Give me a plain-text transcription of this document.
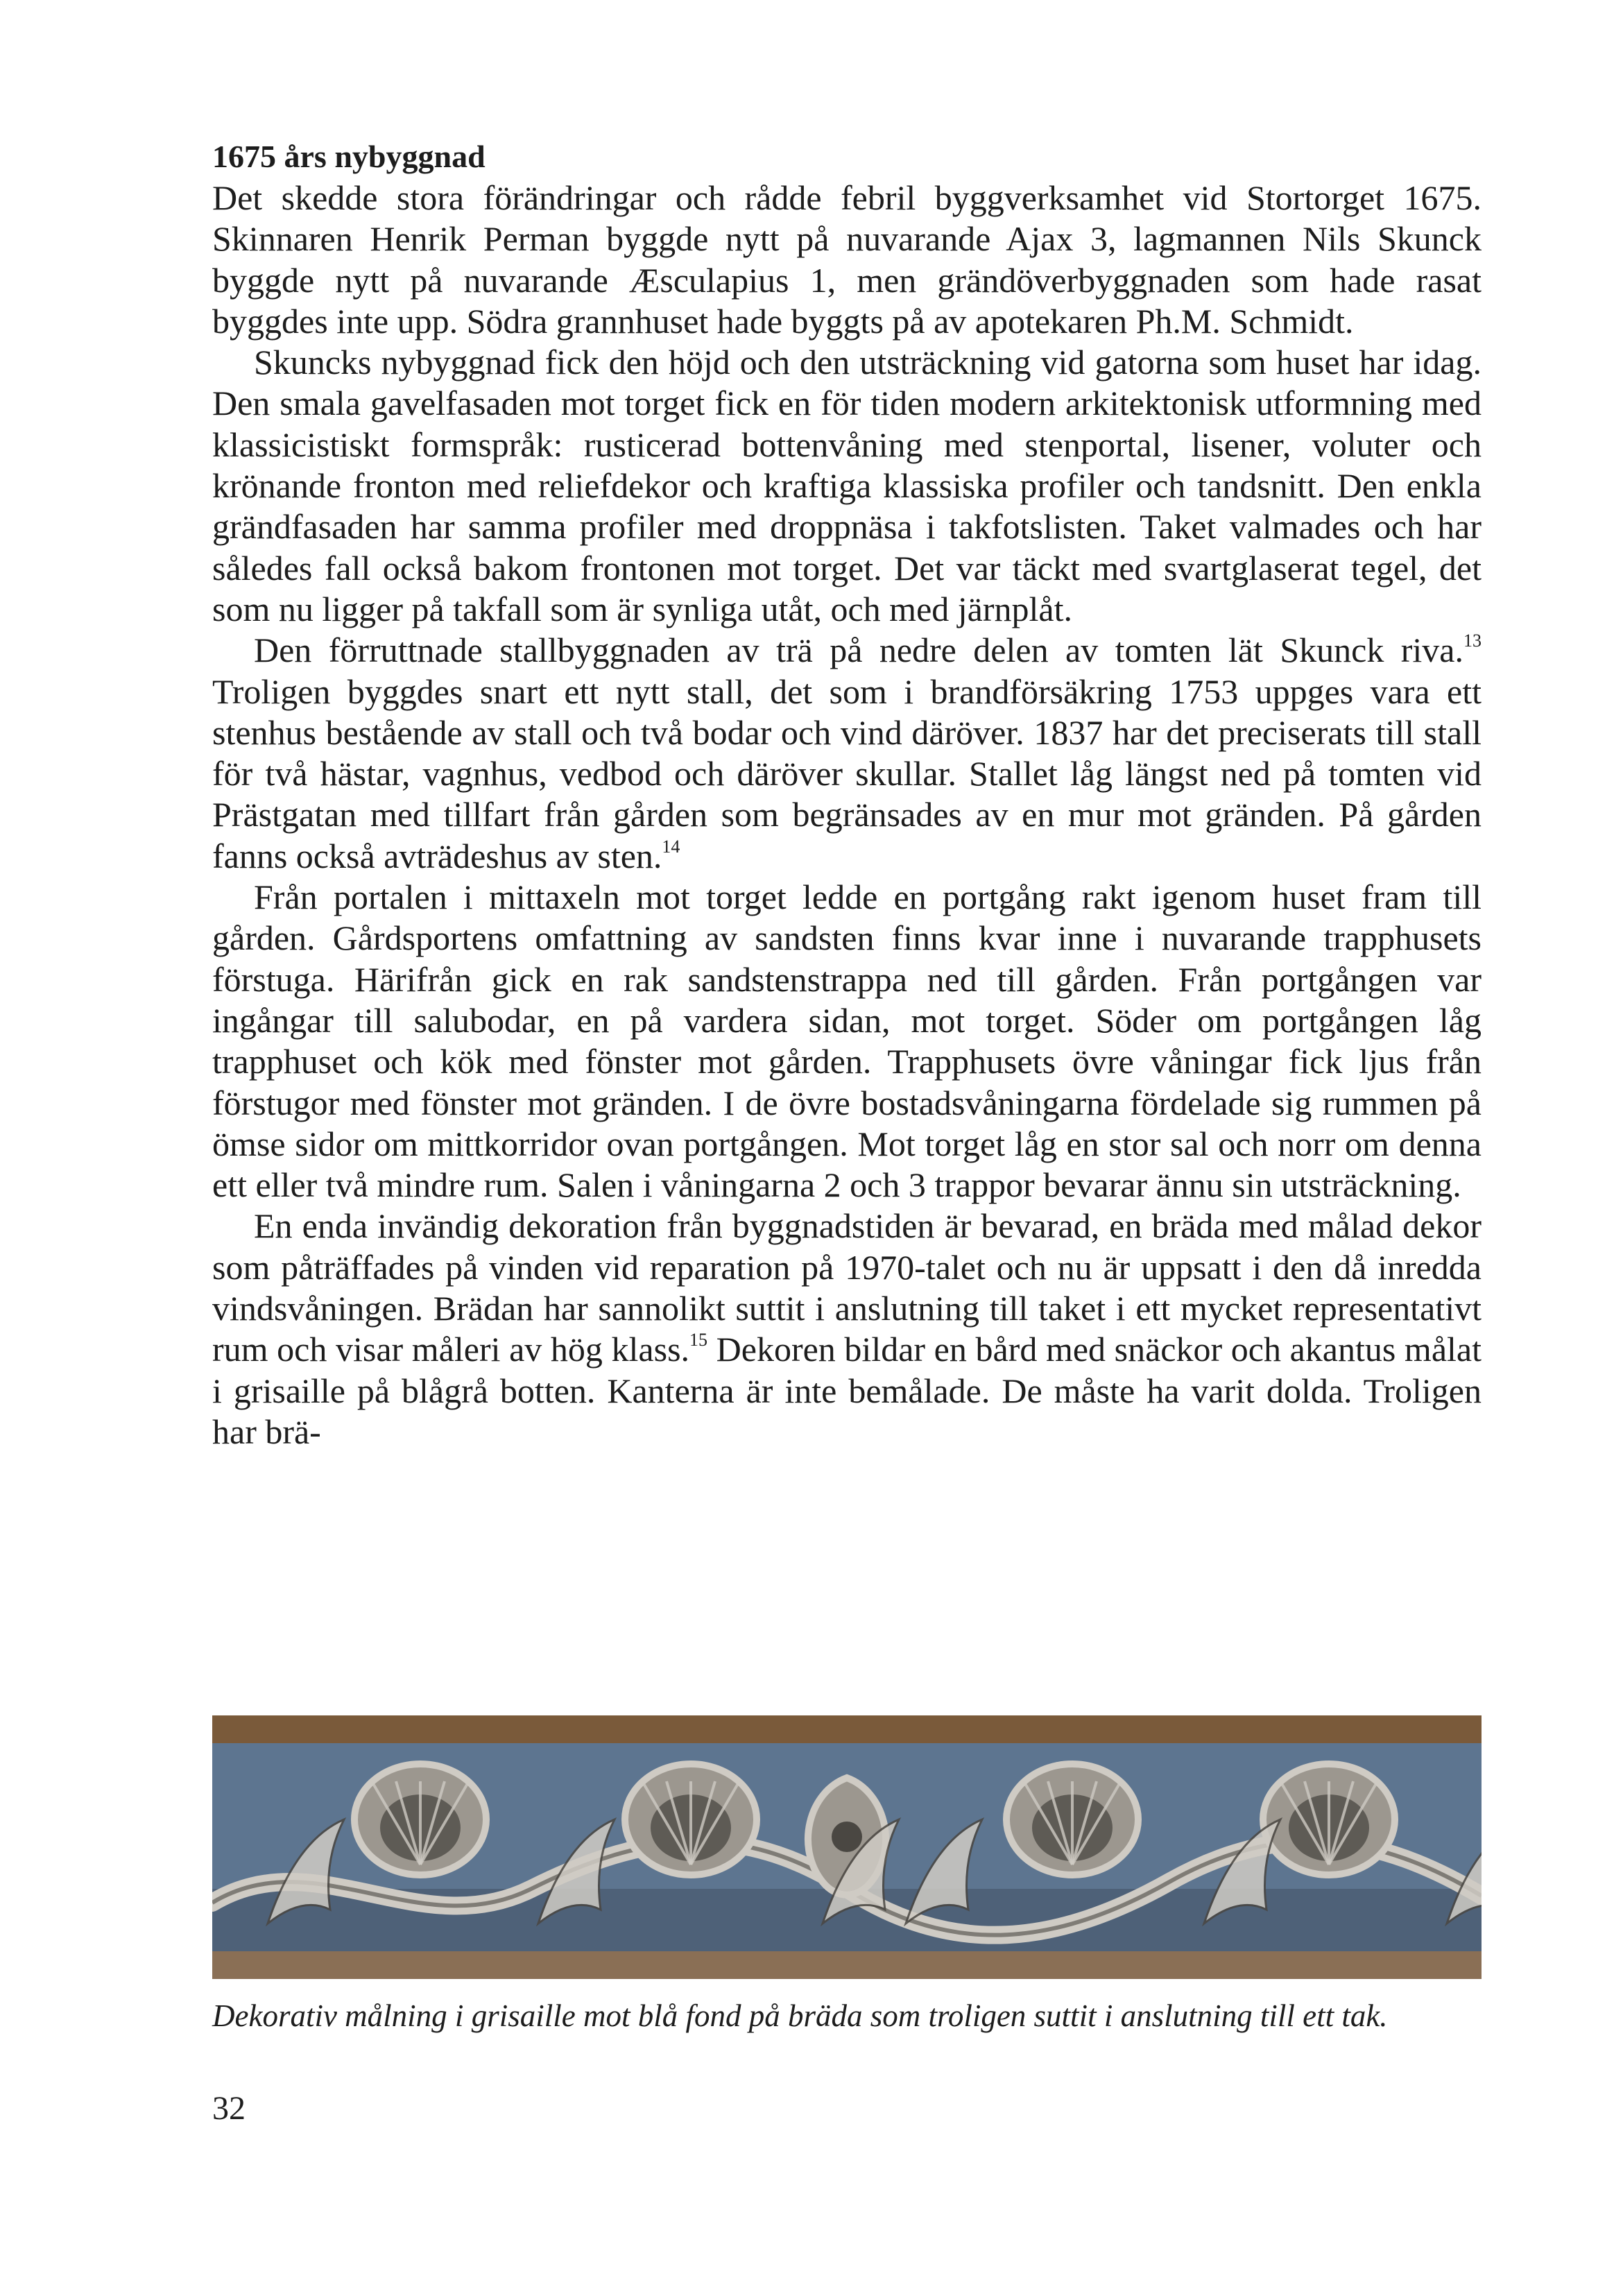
1675 års nybyggnad

Det skedde stora förändringar och rådde febril byggverksamhet vid Stortorget 1675. Skinnaren Henrik Perman byggde nytt på nuvarande Ajax 3, lagmannen Nils Skunck byggde nytt på nuvarande Æsculapius 1, men grändöverbyggnaden som hade rasat byggdes inte upp. Södra grannhuset hade byggts på av apotekaren Ph.M. Schmidt.

Skuncks nybyggnad fick den höjd och den utsträckning vid gatorna som huset har idag. Den smala gavelfasaden mot torget fick en för tiden modern arkitektonisk utformning med klassicistiskt formspråk: rusticerad bottenvåning med stenportal, lisener, voluter och krönande fronton med reliefdekor och kraftiga klassiska profiler och tandsnitt. Den enkla grändfasaden har samma profiler med droppnäsa i takfotslisten. Taket valmades och har således fall också bakom frontonen mot torget. Det var täckt med svartglaserat tegel, det som nu ligger på takfall som är synliga utåt, och med järnplåt.

Den förruttnade stallbyggnaden av trä på nedre delen av tomten lät Skunck riva.$^{13}$ Troligen byggdes snart ett nytt stall, det som i brandförsäkring 1753 uppges vara ett stenhus bestående av stall och två bodar och vind däröver. 1837 har det preciserats till stall för två hästar, vagnhus, vedbod och däröver skullar. Stallet låg längst ned på tomten vid Prästgatan med tillfart från gården som begränsades av en mur mot gränden. På gården fanns också avträdeshus av sten.$^{14}$

Från portalen i mittaxeln mot torget ledde en portgång rakt igenom huset fram till gården. Gårdsportens omfattning av sandsten finns kvar inne i nuvarande trapphusets förstuga. Härifrån gick en rak sandstenstrappa ned till gården. Från portgången var ingångar till salubodar, en på vardera sidan, mot torget. Söder om portgången låg trapphuset och kök med fönster mot gården. Trapphusets övre våningar fick ljus från förstugor med fönster mot gränden. I de övre bostadsvåningarna fördelade sig rummen på ömse sidor om mittkorridor ovan portgången. Mot torget låg en stor sal och norr om denna ett eller två mindre rum. Salen i våningarna 2 och 3 trappor bevarar ännu sin utsträckning.

En enda invändig dekoration från byggnadstiden är bevarad, en bräda med målad dekor som påträffades på vinden vid reparation på 1970-talet och nu är uppsatt i den då inredda vindsvåningen. Brädan har sannolikt suttit i anslutning till taket i ett mycket representativt rum och visar måleri av hög klass.$^{15}$ Dekoren bildar en bård med snäckor och akantus målat i grisaille på blågrå botten. Kanterna är inte bemålade. De måste ha varit dolda. Troligen har brä-

Dekorativ målning i grisaille mot blå fond på bräda som troligen suttit i anslutning till ett tak.

32
